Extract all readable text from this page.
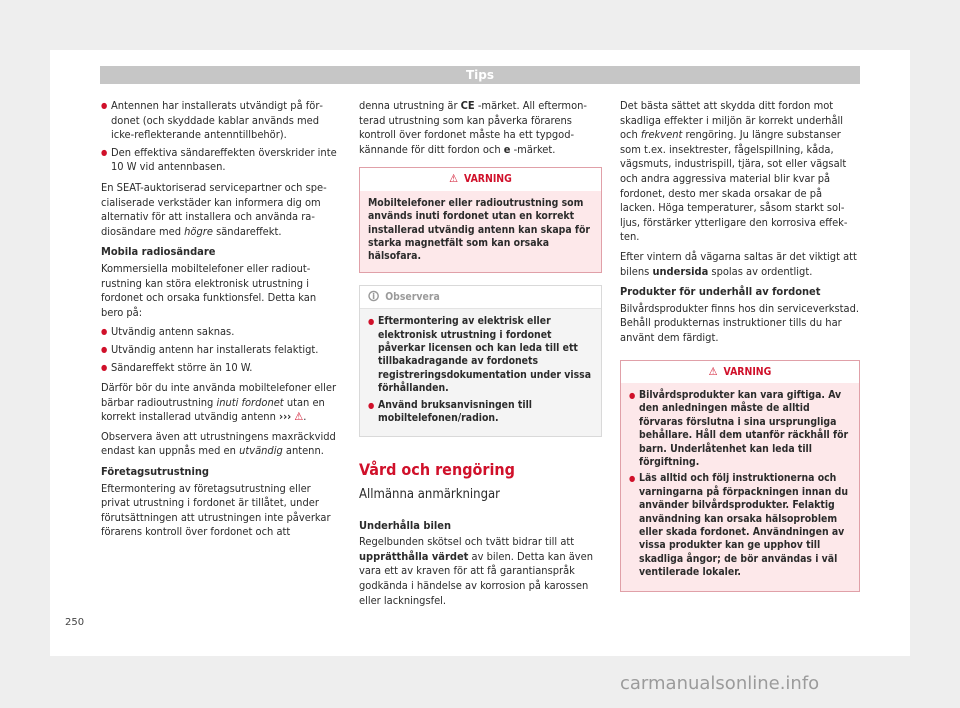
Tips
● Antennen har installerats utvändigt på fördonet (och skyddade kablar används med icke-reflekterande antenntillbehör).
● Den effektiva sändareffekten överskrider inte 10 W vid antennbasen.

En SEAT-auktoriserad servicepartner och specialiserade verkstäder kan informera dig om alternativ för att installera och använda radiosändare med högre sändareffekt.

Mobila radiosändare

Kommersiella mobiltelefoner eller radioutrustning kan störa elektronisk utrustning i fordonet och orsaka funktionsfel. Detta kan bero på:

● Utvändig antenn saknas.
● Utvändig antenn har installerats felaktigt.
● Sändareffekt större än 10 W.

Därför bör du inte använda mobiltelefoner eller bärbar radioutrustning inuti fordonet utan en korrekt installerad utvändig antenn ››› ⚠.

Observera även att utrustningens maxräckvidd endast kan uppnås med en utvändig antenn.

Företagsutrustning

Eftermontering av företagsutrustning eller privat utrustning i fordonet är tillåtet, under förutsättningen att utrustningen inte påverkar förarens kontroll över fordonet och att

denna utrustning är CE -märket. All eftermonterad utrustning som kan påverka förarens kontroll över fordonet måste ha ett typgodkännande för ditt fordon och e -märket.

⚠ VARNING
Mobiltelefoner eller radioutrustning som används inuti fordonet utan en korrekt installerad utvändig antenn kan skapa för starka magnetfält som kan orsaka hälsofara.
🛈 Observera
● Eftermontering av elektrisk eller elektronisk utrustning i fordonet påverkar licensen och kan leda till ett tillbakadragande av fordonets registreringsdokumentation under vissa förhållanden.
● Använd bruksanvisningen till mobiltelefonen/radion.
Vård och rengöring
Allmänna anmärkningar
Underhålla bilen

Regelbunden skötsel och tvätt bidrar till att upprätthålla värdet av bilen. Detta kan även vara ett av kraven för att få garantianspråk godkända i händelse av korrosion på karossen eller lackningsfel.

Det bästa sättet att skydda ditt fordon mot skadliga effekter i miljön är korrekt underhåll och frekvent rengöring. Ju längre substanser som t.ex. insektrester, fågelspillning, kåda, vägsmuts, industrispill, tjära, sot eller vägsalt och andra aggressiva material blir kvar på fordonet, desto mer skada orsakar de på lacken. Höga temperaturer, såsom starkt solljus, förstärker ytterligare den korrosiva effekten.

Efter vintern då vägarna saltas är det viktigt att bilens undersida spolas av ordentligt.

Produkter för underhåll av fordonet

Bilvårdsprodukter finns hos din serviceverkstad. Behåll produkternas instruktioner tills du har använt dem färdigt.

⚠ VARNING
● Bilvårdsprodukter kan vara giftiga. Av den anledningen måste de alltid förvaras förslutna i sina ursprungliga behållare. Håll dem utanför räckhåll för barn. Underlåtenhet kan leda till förgiftning.
● Läs alltid och följ instruktionerna och varningarna på förpackningen innan du använder bilvårdsprodukter. Felaktig användning kan orsaka hälsoproblem eller skada fordonet. Användningen av vissa produkter kan ge upphov till skadliga ångor; de bör användas i väl ventilerade lokaler.
250
carmanualsonline.info
